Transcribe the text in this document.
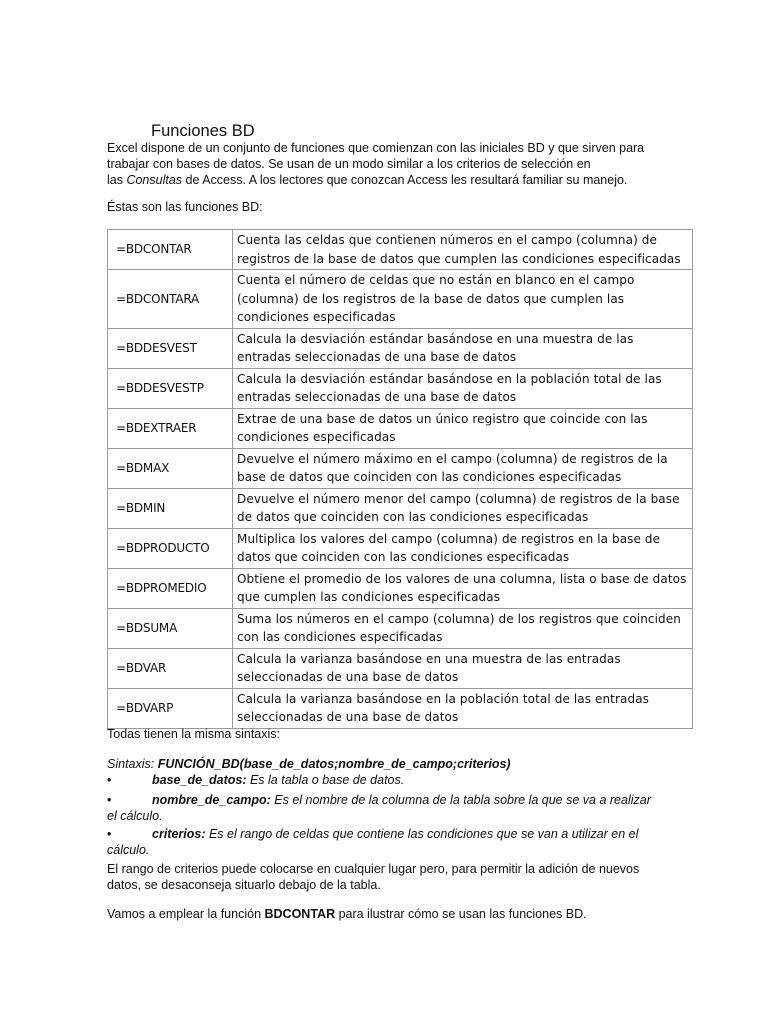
Funciones BD

Excel dispone de un conjunto de funciones que comienzan con las iniciales BD y que sirven para

trabajar con bases de datos. Se usan de un modo similar a los criterios de selección en

las Consultas de Access. A los lectores que conozcan Access les resultará familiar su manejo.

Éstas son las funciones BD:
=BDCONTAR	Cuenta las celdas que contienen números en el campo (columna) de registros de la base de datos que cumplen las condiciones especificadas
=BDCONTARA	Cuenta el número de celdas que no están en blanco en el campo (columna) de los registros de la base de datos que cumplen las condiciones especificadas
=BDDESVEST	Calcula la desviación estándar basándose en una muestra de las entradas seleccionadas de una base de datos
=BDDESVESTP	Calcula la desviación estándar basándose en la población total de las entradas seleccionadas de una base de datos
=BDEXTRAER	Extrae de una base de datos un único registro que coincide con las condiciones especificadas
=BDMAX	Devuelve el número máximo en el campo (columna) de registros de la base de datos que coinciden con las condiciones especificadas
=BDMIN	Devuelve el número menor del campo (columna) de registros de la base de datos que coinciden con las condiciones especificadas
=BDPRODUCTO	Multiplica los valores del campo (columna) de registros en la base de datos que coinciden con las condiciones especificadas
=BDPROMEDIO	Obtiene el promedio de los valores de una columna, lista o base de datos que cumplen las condiciones especificadas
=BDSUMA	Suma los números en el campo (columna) de los registros que coinciden con las condiciones especificadas
=BDVAR	Calcula la varianza basándose en una muestra de las entradas seleccionadas de una base de datos
=BDVARP	Calcula la varianza basándose en la población total de las entradas seleccionadas de una base de datos
Todas tienen la misma sintaxis:
Sintaxis: FUNCIÓN_BD(base_de_datos;nombre_de_campo;criterios)
•	base_de_datos: Es la tabla o base de datos.
•	nombre_de_campo: Es el nombre de la columna de la tabla sobre la que se va a realizar
el cálculo.
•	criterios: Es el rango de celdas que contiene las condiciones que se van a utilizar en el
cálculo.

El rango de criterios puede colocarse en cualquier lugar pero, para permitir la adición de nuevos

datos, se desaconseja situarlo debajo de la tabla.

Vamos a emplear la función BDCONTAR para ilustrar cómo se usan las funciones BD.
